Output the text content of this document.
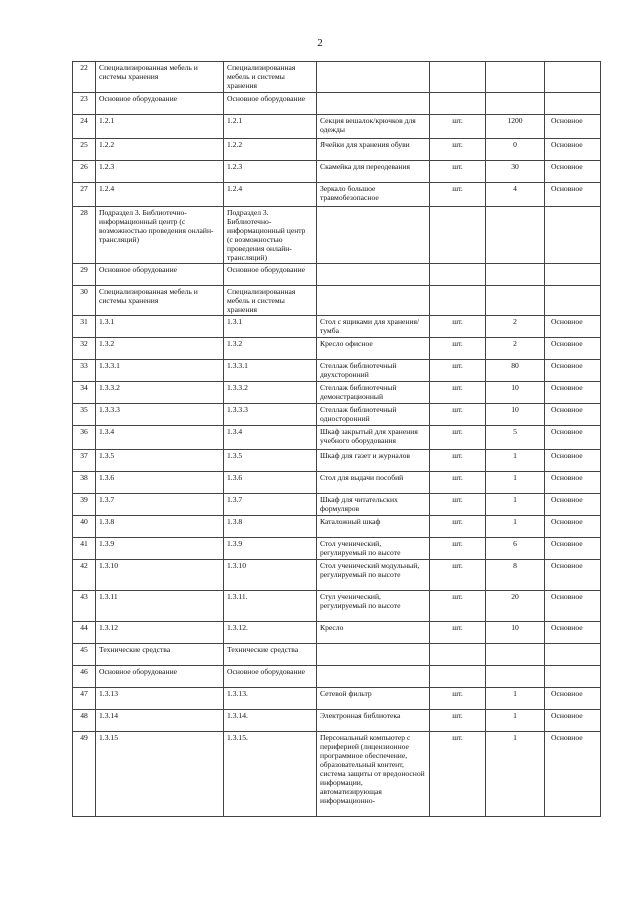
2
22	Специализированная мебель и системы хранения	Специализированная мебель и системы хранения				
23	Основное оборудование	Основное оборудование				
24	1.2.1	1.2.1	Секция вешалок/крючков для одежды	шт.	1200	Основное
25	1.2.2	1.2.2	Ячейки для хранения обуви	шт.	0	Основное
26	1.2.3	1.2.3	Скамейка для переодевания	шт.	30	Основное
27	1.2.4	1.2.4	Зеркало большое травмобезопасное	шт.	4	Основное
28	Подраздел 3. Библиотечно-информационный центр (с возможностью проведения онлайн-трансляций)	Подраздел 3. Библиотечно-информационный центр (с возможностью проведения онлайн-трансляций)				
29	Основное оборудование	Основное оборудование				
30	Специализированная мебель и системы хранения	Специализированная мебель и системы хранения				
31	1.3.1	1.3.1	Стол с ящиками для хранения/тумба	шт.	2	Основное
32	1.3.2	1.3.2	Кресло офисное	шт.	2	Основное
33	1.3.3.1	1.3.3.1	Стеллаж библиотечный двухсторонний	шт.	80	Основное
34	1.3.3.2	1.3.3.2	Стеллаж библиотечный демонстрационный	шт.	10	Основное
35	1.3.3.3	1.3.3.3	Стеллаж библиотечный односторонний	шт.	10	Основное
36	1.3.4	1.3.4	Шкаф закрытый для хранения учебного оборудования	шт.	5	Основное
37	1.3.5	1.3.5	Шкаф для газет и журналов	шт.	1	Основное
38	1.3.6	1.3.6	Стол для выдачи пособий	шт.	1	Основное
39	1.3.7	1.3.7	Шкаф для читательских формуляров	шт.	1	Основное
40	1.3.8	1.3.8	Каталожный шкаф	шт.	1	Основное
41	1.3.9	1.3.9	Стол ученический, регулируемый по высоте	шт.	6	Основное
42	1.3.10	1.3.10	Стол ученический модульный, регулируемый по высоте	шт.	8	Основное
43	1.3.11	1.3.11.	Стул ученический, регулируемый по высоте	шт.	20	Основное
44	1.3.12	1.3.12.	Кресло	шт.	10	Основное
45	Технические средства	Технические средства				
46	Основное оборудование	Основное оборудование				
47	1.3.13	1.3.13.	Сетевой фильтр	шт.	1	Основное
48	1.3.14	1.3.14.	Электронная библиотека	шт.	1	Основное
49	1.3.15	1.3.15.	Персональный компьютер с периферией (лицензионное программное обеспечение, образовательный контент, система защиты от вредоносной информации, автоматизирующая информационно-	шт.	1	Основное
